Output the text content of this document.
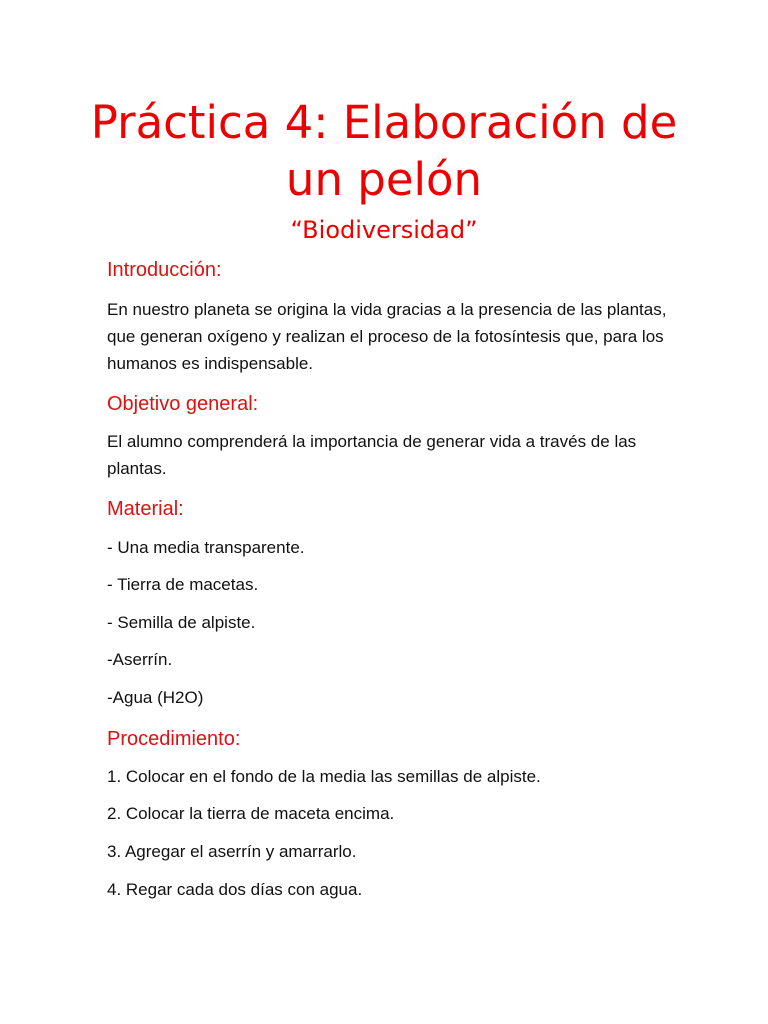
Práctica 4: Elaboración de un pelón
“Biodiversidad”
Introducción:

En nuestro planeta se origina la vida gracias a la presencia de las plantas, que generan oxígeno y realizan el proceso de la fotosíntesis que, para los humanos es indispensable.

Objetivo general:

El alumno comprenderá la importancia de generar vida a través de las plantas.

Material:

- Una media transparente.

- Tierra de macetas.

- Semilla de alpiste.

-Aserrín.

-Agua (H2O)

Procedimiento:

1. Colocar en el fondo de la media las semillas de alpiste.

2. Colocar la tierra de maceta encima.

3. Agregar el aserrín y amarrarlo.

4. Regar cada dos días con agua.
